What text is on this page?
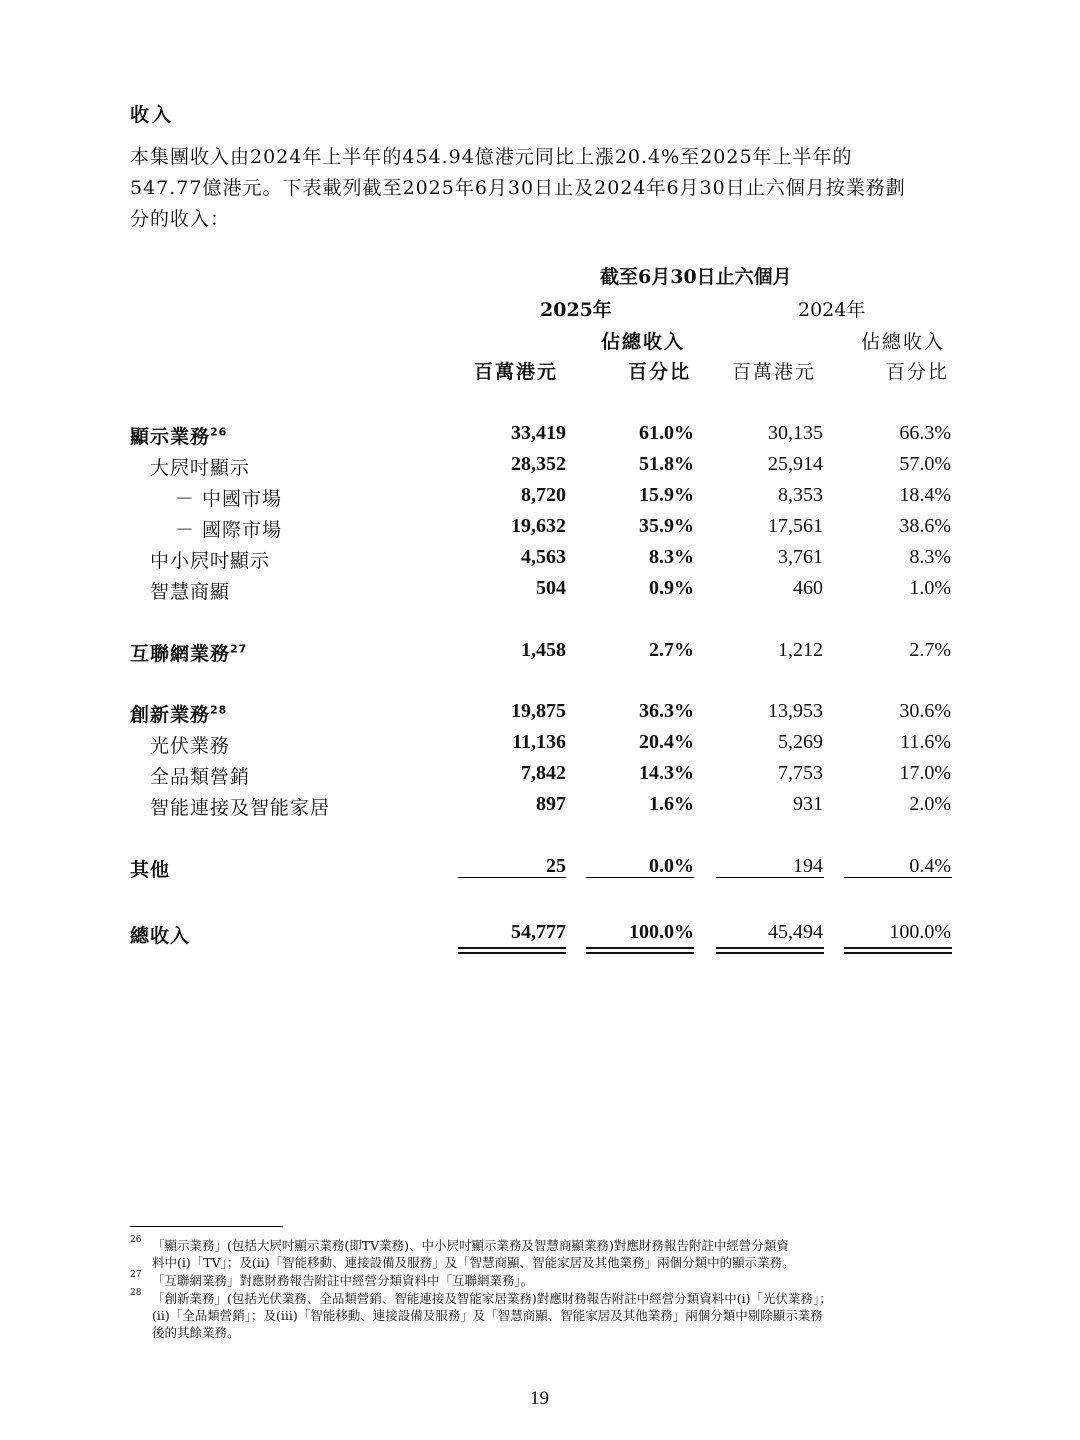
收入
本集團收入由2024年上半年的454.94億港元同比上漲20.4%至2025年上半年的
547.77億港元。下表載列截至2025年6月30日止及2024年6月30日止六個月按業務劃
分的收入：
截至6月30日止六個月
2025年	2024年
佔總收入	佔總收入
百萬港元	百分比 百萬港元	百分比
顯示業務$^{26}$	33,419	61.0%	30,135	66.3%
大屄吋顯示	28,352	51.8%	25,914	57.0%
－ 中國市場	8,720	15.9%	8,353	18.4%
－ 國際市場	19,632	35.9%	17,561	38.6%
中小屄吋顯示	4,563	8.3%	3,761	8.3%
智慧商顯	504	0.9%	460	1.0%
互聯網業務$^{27}$	1,458	2.7%	1,212	2.7%
創新業務$^{28}$	19,875	36.3%	13,953	30.6%
光伏業務	11,136	20.4%	5,269	11.6%
全品類營銷	7,842	14.3%	7,753	17.0%
智能連接及智能家居	897	1.6%	931	2.0%
其他	25	0.0%	194	0.4%
總收入	54,777	100.0%	45,494	100.0%
26 「顯示業務」(包括大屄吋顯示業務(即TV業務)、中小屄吋顯示業務及智慧商顯業務)對應財務報告附註中經營分類資
料中(i)「TV」；及(ii)「智能移動、連接設備及服務」及「智慧商顯、智能家居及其他業務」兩個分類中的顯示業務。
27 「互聯網業務」對應財務報告附註中經營分類資料中「互聯網業務」。
28 「創新業務」(包括光伏業務、全品類營銷、智能連接及智能家居業務)對應財務報告附註中經營分類資料中(i)「光伏業務」；
(ii)「全品類營銷」；及(iii)「智能移動、連接設備及服務」及「智慧商顯、智能家居及其他業務」兩個分類中剔除顯示業務
後的其餘業務。
19
